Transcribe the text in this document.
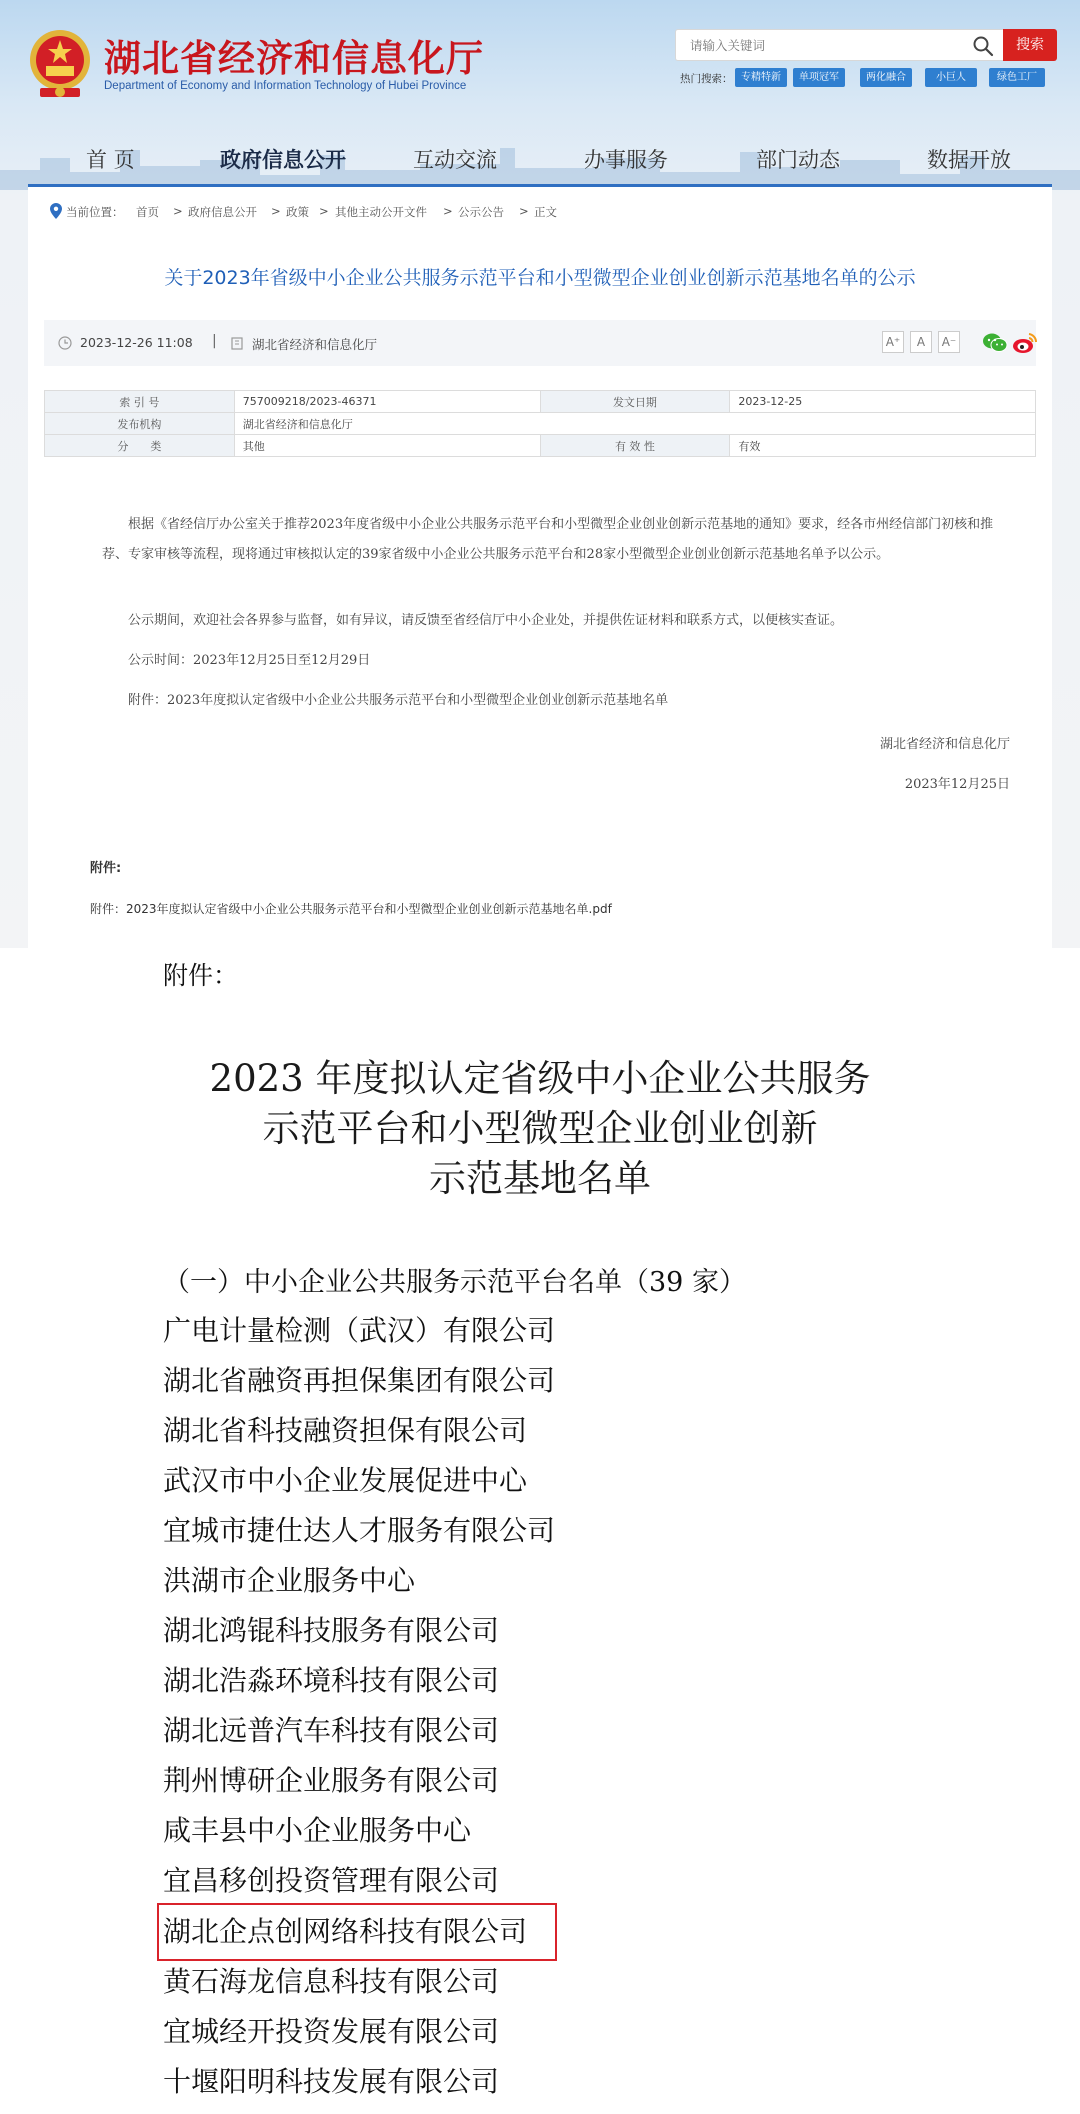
湖北省经济和信息化厅
Department of Economy and Information Technology of Hubei Province
请输入关键词
搜索
热门搜索： 专精特新	单项冠军	两化融合	小巨人	绿色工厂
首 页	政府信息公开	互动交流	办事服务	部门动态	数据开放
当前位置： 首页 > 政府信息公开 > 政策 > 其他主动公开文件 > 公示公告 > 正文
关于2023年省级中小企业公共服务示范平台和小型微型企业创业创新示范基地名单的公示
2023-12-26 11:08 |	湖北省经济和信息化厅	A⁺	A	A⁻
索 引 号	757009218/2023-46371	发文日期	2023-12-25
发布机构	湖北省经济和信息化厅		
分　　类	其他	有 效 性	有效
根据《省经信厅办公室关于推荐2023年度省级中小企业公共服务示范平台和小型微型企业创业创新示范基地的通知》要求，经各市州经信部门初核和推荐、专家审核等流程，现将通过审核拟认定的39家省级中小企业公共服务示范平台和28家小型微型企业创业创新示范基地名单予以公示。
公示期间，欢迎社会各界参与监督，如有异议，请反馈至省经信厅中小企业处，并提供佐证材料和联系方式，以便核实查证。
公示时间：2023年12月25日至12月29日
附件：2023年度拟认定省级中小企业公共服务示范平台和小型微型企业创业创新示范基地名单
湖北省经济和信息化厅
2023年12月25日
附件:
附件：2023年度拟认定省级中小企业公共服务示范平台和小型微型企业创业创新示范基地名单.pdf
附件：
2023 年度拟认定省级中小企业公共服务
示范平台和小型微型企业创业创新
示范基地名单
（一）中小企业公共服务示范平台名单（39 家）
广电计量检测（武汉）有限公司
湖北省融资再担保集团有限公司
湖北省科技融资担保有限公司
武汉市中小企业发展促进中心
宜城市捷仕达人才服务有限公司
洪湖市企业服务中心
湖北鸿锟科技服务有限公司
湖北浩淼环境科技有限公司
湖北远普汽车科技有限公司
荆州博研企业服务有限公司
咸丰县中小企业服务中心
宜昌移创投资管理有限公司
湖北企点创网络科技有限公司
黄石海龙信息科技有限公司
宜城经开投资发展有限公司
十堰阳明科技发展有限公司
